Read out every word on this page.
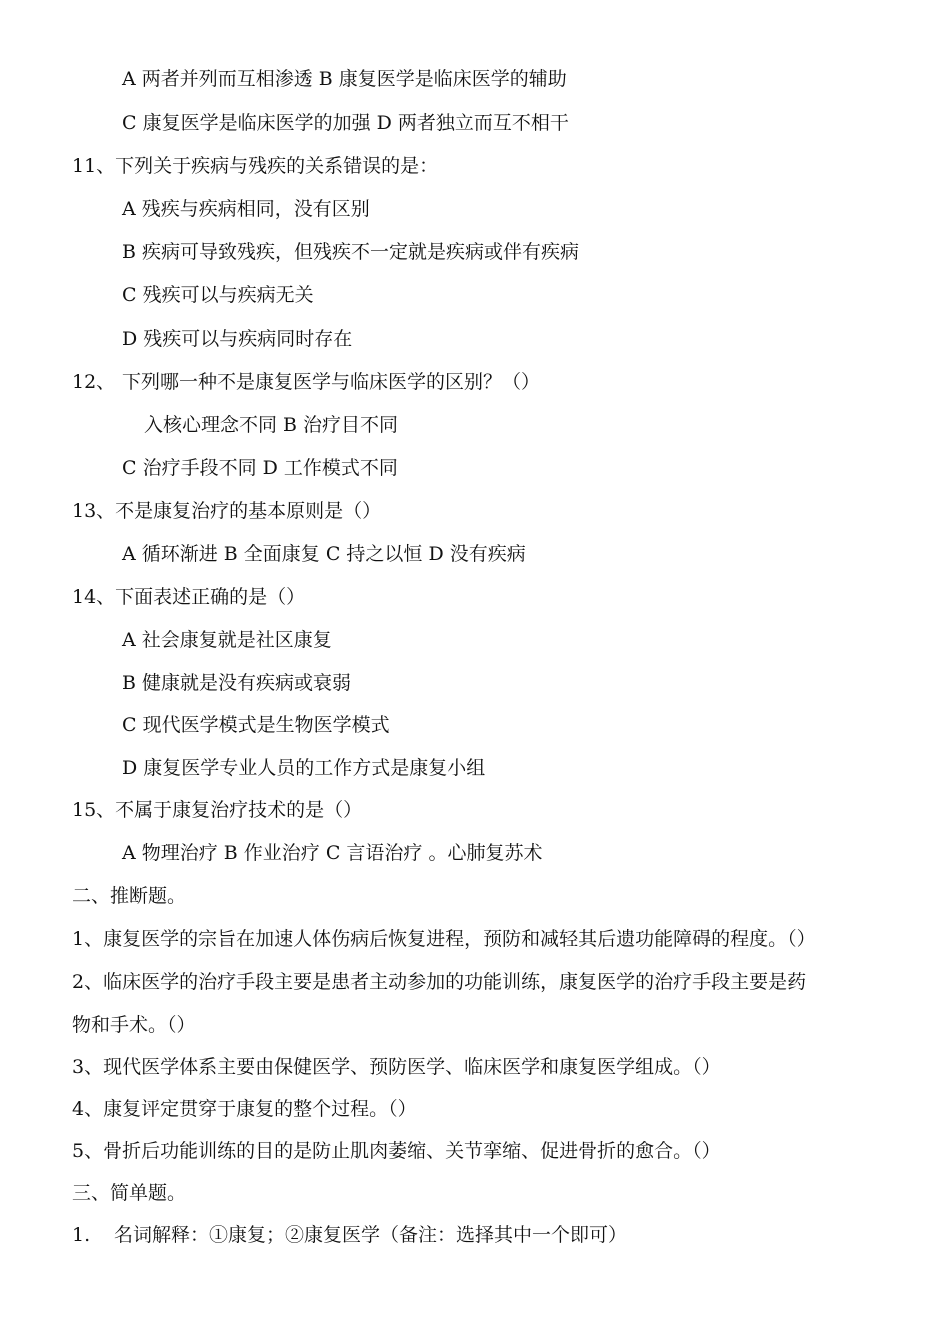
A 两者并列而互相渗透 B 康复医学是临床医学的辅助
C 康复医学是临床医学的加强 D 两者独立而互不相干
11、下列关于疾病与残疾的关系错误的是：
A 残疾与疾病相同，没有区别
B 疾病可导致残疾，但残疾不一定就是疾病或伴有疾病
C 残疾可以与疾病无关
D 残疾可以与疾病同时存在
12、 下列哪一种不是康复医学与临床医学的区别？（）
入核心理念不同 B 治疗目不同
C 治疗手段不同 D 工作模式不同
13、不是康复治疗的基本原则是（）
A 循环渐进 B 全面康复 C 持之以恒 D 没有疾病
14、下面表述正确的是（）
A 社会康复就是社区康复
B 健康就是没有疾病或衰弱
C 现代医学模式是生物医学模式
D 康复医学专业人员的工作方式是康复小组
15、不属于康复治疗技术的是（）
A 物理治疗 B 作业治疗 C 言语治疗 。心肺复苏术
二、推断题。
1、康复医学的宗旨在加速人体伤病后恢复进程，预防和减轻其后遗功能障碍的程度。（）
2、临床医学的治疗手段主要是患者主动参加的功能训练，康复医学的治疗手段主要是药
物和手术。（）
3、现代医学体系主要由保健医学、预防医学、临床医学和康复医学组成。（）
4、康复评定贯穿于康复的整个过程。（）
5、骨折后功能训练的目的是防止肌肉萎缩、关节挛缩、促进骨折的愈合。（）
三、简单题。
1. 名词解释：①康复；②康复医学（备注：选择其中一个即可）
